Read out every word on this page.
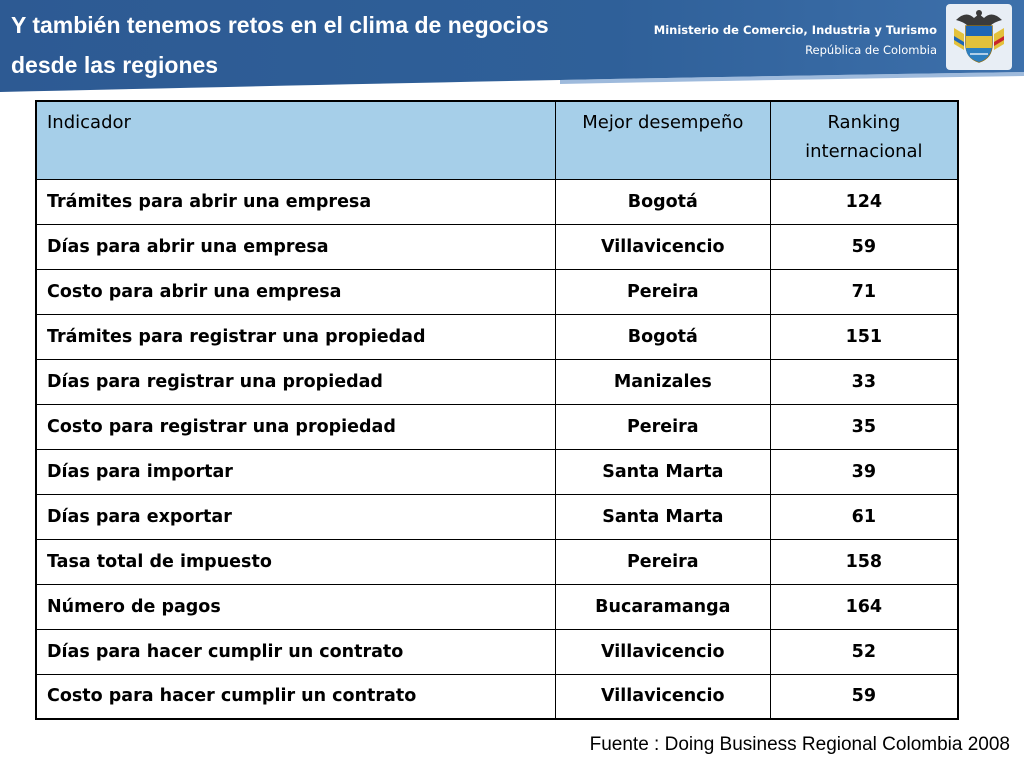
Y también tenemos retos en el clima de negocios desde las regiones
Ministerio de Comercio, Industria y Turismo
República de Colombia
Indicador	Mejor desempeño	Ranking internacional
Trámites para abrir una empresa	Bogotá	124
Días para abrir una empresa	Villavicencio	59
Costo para abrir una empresa	Pereira	71
Trámites para registrar una propiedad	Bogotá	151
Días para registrar una propiedad	Manizales	33
Costo para registrar una propiedad	Pereira	35
Días para importar	Santa Marta	39
Días para exportar	Santa Marta	61
Tasa total de impuesto	Pereira	158
Número de pagos	Bucaramanga	164
Días para hacer cumplir un contrato	Villavicencio	52
Costo para hacer cumplir un contrato	Villavicencio	59
Fuente : Doing Business Regional Colombia 2008
